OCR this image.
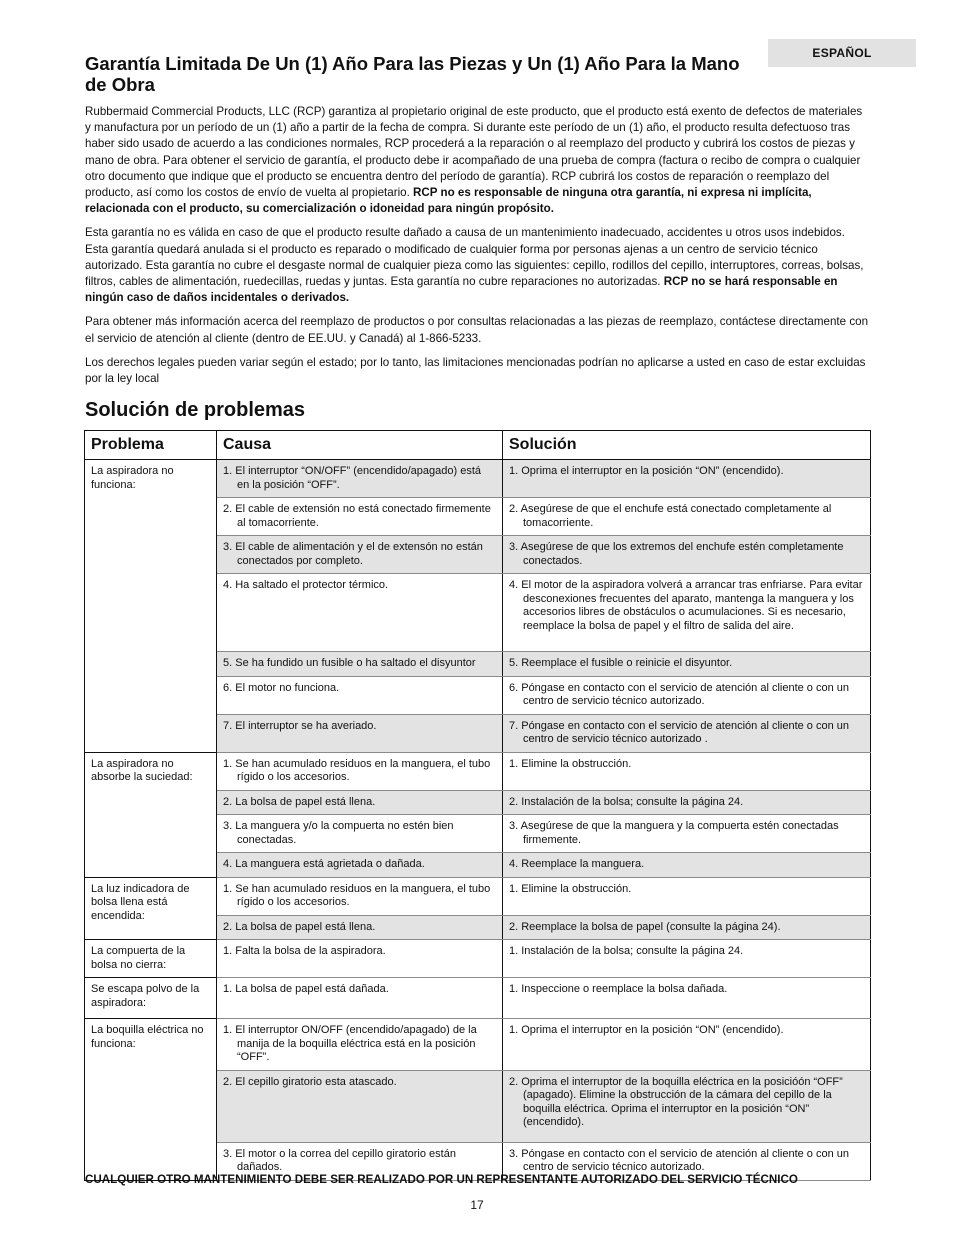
ESPAÑOL
Garantía Limitada De Un (1) Año Para las Piezas y Un (1) Año Para la Mano de Obra

Rubbermaid Commercial Products, LLC (RCP) garantiza al propietario original de este producto, que el producto está exento de defectos de materiales y manufactura por un período de un (1) año a partir de la fecha de compra. Si durante este período de un (1) año, el producto resulta defectuoso tras haber sido usado de acuerdo a las condiciones normales, RCP procederá a la reparación o al reemplazo del producto y cubrirá los costos de piezas y mano de obra. Para obtener el servicio de garantía, el producto debe ir acompañado de una prueba de compra (factura o recibo de compra o cualquier otro documento que indique que el producto se encuentra dentro del período de garantía). RCP cubrirá los costos de reparación o reemplazo del producto, así como los costos de envío de vuelta al propietario. RCP no es responsable de ninguna otra garantía, ni expresa ni implícita, relacionada con el producto, su comercialización o idoneidad para ningún propósito.

Esta garantía no es válida en caso de que el producto resulte dañado a causa de un mantenimiento inadecuado, accidentes u otros usos indebidos. Esta garantía quedará anulada si el producto es reparado o modificado de cualquier forma por personas ajenas a un centro de servicio técnico autorizado. Esta garantía no cubre el desgaste normal de cualquier pieza como las siguientes: cepillo, rodillos del cepillo, interruptores, correas, bolsas, filtros, cables de alimentación, ruedecillas, ruedas y juntas. Esta garantía no cubre reparaciones no autorizadas. RCP no se hará responsable en ningún caso de daños incidentales o derivados.

Para obtener más información acerca del reemplazo de productos o por consultas relacionadas a las piezas de reemplazo, contáctese directamente con el servicio de atención al cliente (dentro de EE.UU. y Canadá) al 1-866-5233.

Los derechos legales pueden variar según el estado; por lo tanto, las limitaciones mencionadas podrían no aplicarse a usted en caso de estar excluidas por la ley local

Solución de problemas
Problema	Causa	Solución
La aspiradora no funciona:	1. El interruptor “ON/OFF” (encendido/apagado) está en la posición “OFF”.	1. Oprima el interruptor en la posición “ON” (encendido).

	2. El cable de extensión no está conectado firmemente al tomacorriente.	2. Asegúrese de que el enchufe está conectado completamente al tomacorriente.

	3. El cable de alimentación y el de extensón no están conectados por completo.	3. Asegúrese de que los extremos del enchufe estén completamente conectados.

	4. Ha saltado el protector térmico.	4. El motor de la aspiradora volverá a arrancar tras enfriarse. Para evitar desconexiones frecuentes del aparato, mantenga la manguera y los accesorios libres de obstáculos o acumulaciones. Si es necesario, reemplace la bolsa de papel y el filtro de salida del aire.

	5. Se ha fundido un fusible o ha saltado el disyuntor	5. Reemplace el fusible o reinicie el disyuntor.

	6. El motor no funciona.	6. Póngase en contacto con el servicio de atención al cliente o con un centro de servicio técnico autorizado.

	7. El interruptor se ha averiado.	7. Póngase en contacto con el servicio de atención al cliente o con un centro de servicio técnico autorizado .

La aspiradora no absorbe la suciedad:	1. Se han acumulado residuos en la manguera, el tubo rígido o los accesorios.	1. Elimine la obstrucción.

	2. La bolsa de papel está llena.	2. Instalación de la bolsa; consulte la página 24.

	3. La manguera y/o la compuerta no estén bien conectadas.	3. Asegúrese de que la manguera y la compuerta estén conectadas firmemente.

	4. La manguera está agrietada o dañada.	4. Reemplace la manguera.

La luz indicadora de bolsa llena está encendida:	1. Se han acumulado residuos en la manguera, el tubo rígido o los accesorios.	1. Elimine la obstrucción.

	2. La bolsa de papel está llena.	2. Reemplace la bolsa de papel (consulte la página 24).

La compuerta de la bolsa no cierra:	1. Falta la bolsa de la aspiradora.	1. Instalación de la bolsa; consulte la página 24.

Se escapa polvo de la aspiradora:	1. La bolsa de papel está dañada.	1. Inspeccione o reemplace la bolsa dañada.

La boquilla eléctrica no funciona:	1. El interruptor ON/OFF (encendido/apagado) de la manija de la boquilla eléctrica está en la posición “OFF”.	1. Oprima el interruptor en la posición “ON” (encendido).

	2. El cepillo giratorio esta atascado.	2. Oprima el interruptor de la boquilla eléctrica en la posicióón “OFF” (apagado). Elimine la obstrucción de la cámara del cepillo de la boquilla eléctrica. Oprima el interruptor en la posición “ON” (encendido).

	3. El motor o la correa del cepillo giratorio están dañados.	3. Póngase en contacto con el servicio de atención al cliente o con un centro de servicio técnico autorizado.
CUALQUIER OTRO MANTENIMIENTO DEBE SER REALIZADO POR UN REPRESENTANTE AUTORIZADO DEL SERVICIO TÉCNICO
17
